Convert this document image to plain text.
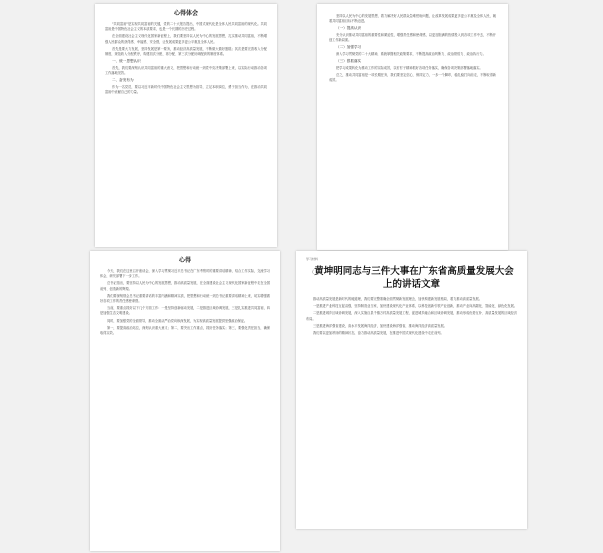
心得体会
"共同富裕"是实现共同富裕的关键，党的二十大报告提出，中国式现代化是全体人民共同富裕的现代化。共同富裕是中国特色社会主义的本质要求，也是一个长期的历史过程。
在全面建设社会主义现代化国家新征程上，我们要坚持以人民为中心的发展思想，扎实推动共同富裕，不断增强人民群众的获得感、幸福感、安全感，让发展成果更多更公平惠及全体人民。
首先是要大力发展，坚持发展是第一要务，推动经济高质量发展，不断做大做好蛋糕；其次是要完善收入分配制度，规范收入分配秩序，构建初次分配、再分配、第三次分配协调配套的制度体系。
一、统一思想认识
首先，我们要深刻认识共同富裕的重大意义，把思想和行动统一到党中央决策部署上来，以实际行动推动各项工作落地见效。
二、奋发有为
作为一名党员，要以习近平新时代中国特色社会主义思想为指导，立足本职岗位，勇于担当作为，在推动共同富裕中贡献自己的力量。
坚持以人民为中心的发展思想，着力解决好人民群众急难愁盼问题，让改革发展成果更多更公平惠及全体人民，朝着共同富裕目标不断迈进。
（一）提高认识
充分认识推动共同富裕的重要性和紧迫性，增强责任感和使命感，以更加饱满的热情投入到各项工作中去，不断开创工作新局面。
（二）加强学习
深入学习贯彻党的二十大精神，系统掌握相关政策要求，不断提高政治判断力、政治领悟力、政治执行力。
（三）狠抓落实
把学习成果转化为推动工作的实际成效，以钉钉子精神抓好各项任务落实，确保各项决策部署落地落实。
总之，推动共同富裕是一项长期任务，我们要坚定信心、保持定力，一步一个脚印，稳扎稳打向前走，不断取得新成效。
心得
今天，我们在这里召开座谈会，深入学习贯彻习近平总书记在广东考察时的重要讲话精神，结合工作实际，交流学习体会，研究部署下一步工作。
总书记指出，要坚持以人民为中心的发展思想，推动高质量发展，在全面建设社会主义现代化国家新征程中走在全国前列、创造新的辉煌。
我们要深刻领会总书记重要讲话的丰富内涵和精神实质，把思想和行动统一到总书记重要讲话精神上来，切实增强做好各项工作的责任感使命感。
当前，要重点抓好以下几个方面工作：一是坚持创新驱动发展，二是推进区域协调发展，三是扎实推进共同富裕，四是加强生态文明建设。
同时，要加强党的全面领导，推动全面从严治党向纵深发展，为实现高质量发展提供坚强政治保证。
第一，要提高政治站位，深刻认识重大意义；第二，要突出工作重点，抓好任务落实；第三，要强化责任担当，确保取得实效。
学习材料
（黄坤明同志与三件大事在广东省高质量发展大会上的讲话文章
推动高质量发展是新时代的硬道理，我们要完整准确全面贯彻新发展理念，加快构建新发展格局，着力推动高质量发展。
一是推进产业科技互促双强，坚持制造业当家，加快建设现代化产业体系，以科技创新引领产业创新，推动产业向高端化、智能化、绿色化发展。
二是推进城乡区域协调发展，深入实施百县千镇万村高质量发展工程，促进城乡融合和区域协调发展，推动形成优势互补、高质量发展的区域经济布局。
三是推进海洋强省建设，高水平发展海洋经济，加快建设海洋强省，推动海洋经济高质量发展。
我们要以更加昂扬的精神状态，奋力推动高质量发展，在推进中国式现代化建设中走在前列。
